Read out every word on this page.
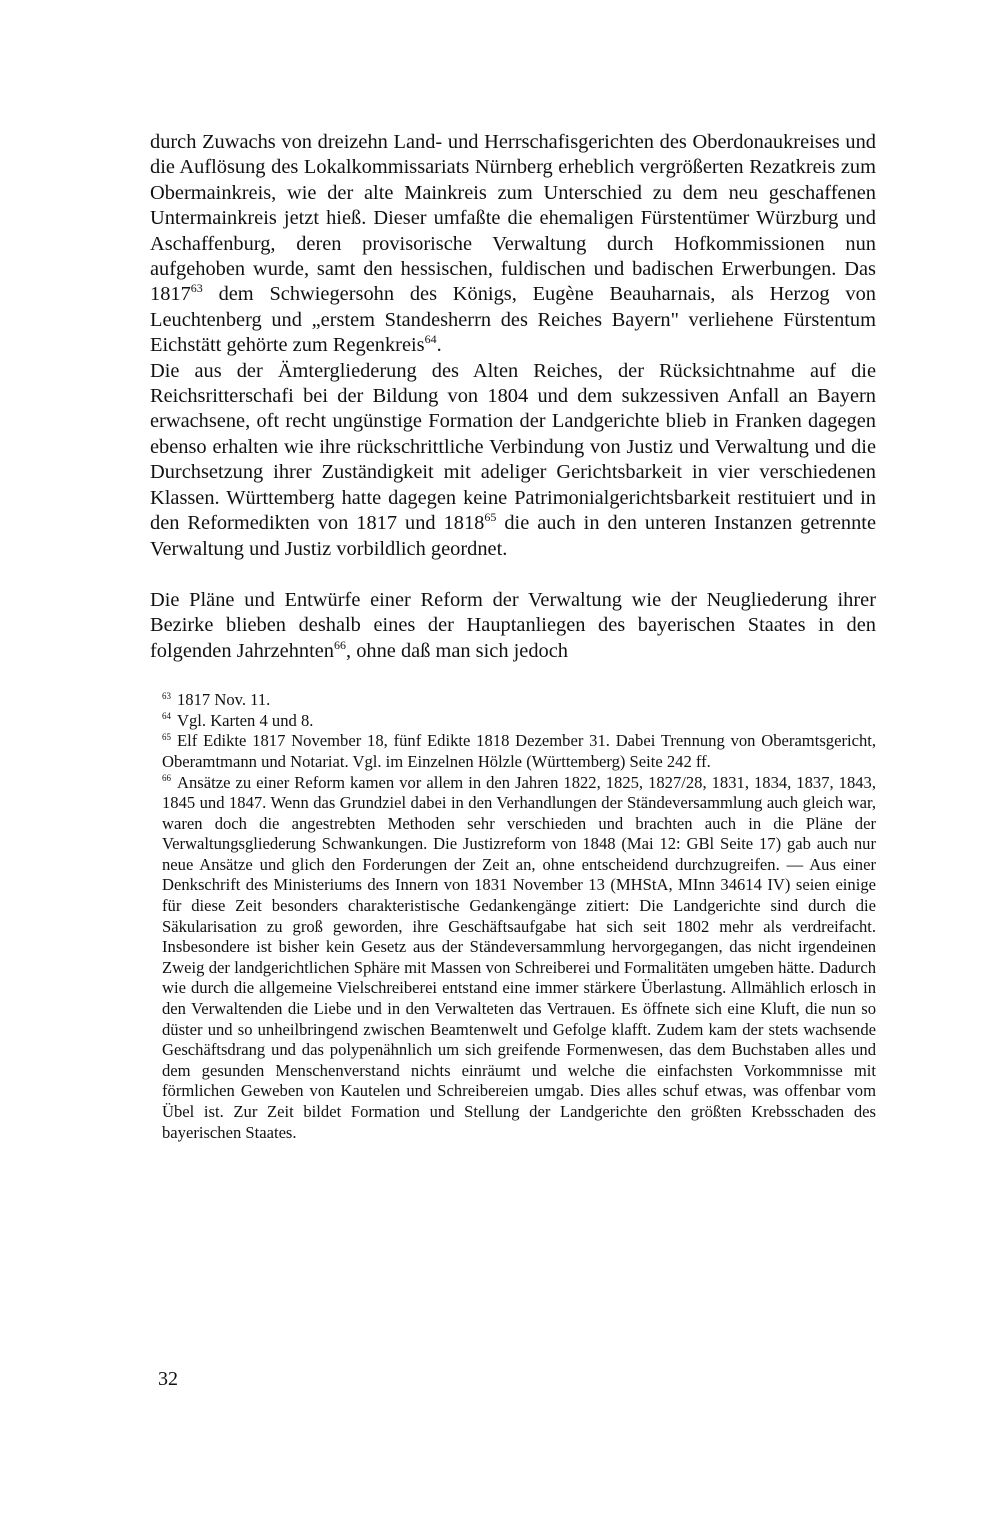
durch Zuwachs von dreizehn Land- und Herrschafisgerichten des Oberdonaukreises und die Auflösung des Lokalkommissariats Nürnberg erheblich vergrößerten Rezatkreis zum Obermainkreis, wie der alte Mainkreis zum Unterschied zu dem neu geschaffenen Untermainkreis jetzt hieß. Dieser umfaßte die ehemaligen Fürstentümer Würzburg und Aschaffenburg, deren provisorische Verwaltung durch Hofkommissionen nun aufgehoben wurde, samt den hessischen, fuldischen und badischen Erwerbungen. Das 1817$^{63}$ dem Schwiegersohn des Königs, Eugène Beauharnais, als Herzog von Leuchtenberg und „erstem Standesherrn des Reiches Bayern" verliehene Fürstentum Eichstätt gehörte zum Regenkreis$^{64}$.

Die aus der Ämtergliederung des Alten Reiches, der Rücksichtnahme auf die Reichsritterschafi bei der Bildung von 1804 und dem sukzessiven Anfall an Bayern erwachsene, oft recht ungünstige Formation der Landgerichte blieb in Franken dagegen ebenso erhalten wie ihre rückschrittliche Verbindung von Justiz und Verwaltung und die Durchsetzung ihrer Zuständigkeit mit adeliger Gerichtsbarkeit in vier verschiedenen Klassen. Württemberg hatte dagegen keine Patrimonialgerichtsbarkeit restituiert und in den Reformedikten von 1817 und 1818$^{65}$ die auch in den unteren Instanzen getrennte Verwaltung und Justiz vorbildlich geordnet.

Die Pläne und Entwürfe einer Reform der Verwaltung wie der Neugliederung ihrer Bezirke blieben deshalb eines der Hauptanliegen des bayerischen Staates in den folgenden Jahrzehnten$^{66}$, ohne daß man sich jedoch

$^{63}$ 1817 Nov. 11.

$^{64}$ Vgl. Karten 4 und 8.

$^{65}$ Elf Edikte 1817 November 18, fünf Edikte 1818 Dezember 31. Dabei Trennung von Oberamtsgericht, Oberamtmann und Notariat. Vgl. im Einzelnen Hölzle (Württemberg) Seite 242 ff.

$^{66}$ Ansätze zu einer Reform kamen vor allem in den Jahren 1822, 1825, 1827/28, 1831, 1834, 1837, 1843, 1845 und 1847. Wenn das Grundziel dabei in den Verhandlungen der Ständeversammlung auch gleich war, waren doch die angestrebten Methoden sehr verschieden und brachten auch in die Pläne der Verwaltungsgliederung Schwankungen. Die Justizreform von 1848 (Mai 12: GBl Seite 17) gab auch nur neue Ansätze und glich den Forderungen der Zeit an, ohne entscheidend durchzugreifen. — Aus einer Denkschrift des Ministeriums des Innern von 1831 November 13 (MHStA, MInn 34614 IV) seien einige für diese Zeit besonders charakteristische Gedankengänge zitiert: Die Landgerichte sind durch die Säkularisation zu groß geworden, ihre Geschäftsaufgabe hat sich seit 1802 mehr als verdreifacht. Insbesondere ist bisher kein Gesetz aus der Ständeversammlung hervorgegangen, das nicht irgendeinen Zweig der landgerichtlichen Sphäre mit Massen von Schreiberei und Formalitäten umgeben hätte. Dadurch wie durch die allgemeine Vielschreiberei entstand eine immer stärkere Überlastung. Allmählich erlosch in den Verwaltenden die Liebe und in den Verwalteten das Vertrauen. Es öffnete sich eine Kluft, die nun so düster und so unheilbringend zwischen Beamtenwelt und Gefolge klafft. Zudem kam der stets wachsende Geschäftsdrang und das polypenähnlich um sich greifende Formenwesen, das dem Buchstaben alles und dem gesunden Menschenverstand nichts einräumt und welche die einfachsten Vorkommnisse mit förmlichen Geweben von Kautelen und Schreibereien umgab. Dies alles schuf etwas, was offenbar vom Übel ist. Zur Zeit bildet Formation und Stellung der Landgerichte den größten Krebsschaden des bayerischen Staates.

32
